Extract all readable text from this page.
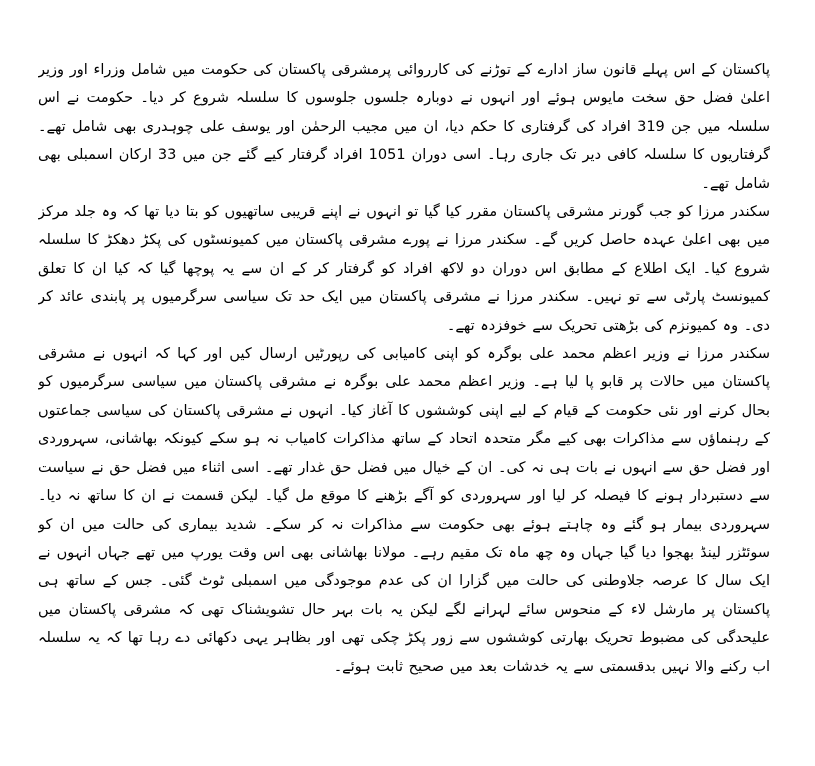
پاکستان کے اس پہلے قانون ساز ادارے کے توڑنے کی کارروائی پرمشرقی پاکستان کی حکومت میں شامل وزراء اور وزیر اعلیٰ فضل حق سخت مایوس ہوئے اور انہوں نے دوبارہ جلسوں جلوسوں کا سلسلہ شروع کر دیا۔ حکومت نے اس سلسلہ میں جن 319 افراد کی گرفتاری کا حکم دیا، ان میں مجیب الرحمٰن اور یوسف علی چوہدری بھی شامل تھے۔ گرفتاریوں کا سلسلہ کافی دیر تک جاری رہا۔ اسی دوران 1051 افراد گرفتار کیے گئے جن میں 33 ارکان اسمبلی بھی شامل تھے۔

سکندر مرزا کو جب گورنر مشرقی پاکستان مقرر کیا گیا تو انہوں نے اپنے قریبی ساتھیوں کو بتا دیا تھا کہ وہ جلد مرکز میں بھی اعلیٰ عہدہ حاصل کریں گے۔ سکندر مرزا نے پورے مشرقی پاکستان میں کمیونسٹوں کی پکڑ دھکڑ کا سلسلہ شروع کیا۔ ایک اطلاع کے مطابق اس دوران دو لاکھ افراد کو گرفتار کر کے ان سے یہ پوچھا گیا کہ کیا ان کا تعلق کمیونسٹ پارٹی سے تو نہیں۔ سکندر مرزا نے مشرقی پاکستان میں ایک حد تک سیاسی سرگرمیوں پر پابندی عائد کر دی۔ وہ کمیونزم کی بڑھتی تحریک سے خوفزدہ تھے۔

سکندر مرزا نے وزیر اعظم محمد علی بوگرہ کو اپنی کامیابی کی رپورٹیں ارسال کیں اور کہا کہ انہوں نے مشرقی پاکستان میں حالات پر قابو پا لیا ہے۔ وزیر اعظم محمد علی بوگرہ نے مشرقی پاکستان میں سیاسی سرگرمیوں کو بحال کرنے اور نئی حکومت کے قیام کے لیے اپنی کوششوں کا آغاز کیا۔ انہوں نے مشرقی پاکستان کی سیاسی جماعتوں کے رہنماؤں سے مذاکرات بھی کیے مگر متحدہ اتحاد کے ساتھ مذاکرات کامیاب نہ ہو سکے کیونکہ بھاشانی، سہروردی اور فضل حق سے انہوں نے بات ہی نہ کی۔ ان کے خیال میں فضل حق غدار تھے۔ اسی اثناء میں فضل حق نے سیاست سے دستبردار ہونے کا فیصلہ کر لیا اور سہروردی کو آگے بڑھنے کا موقع مل گیا۔ لیکن قسمت نے ان کا ساتھ نہ دیا۔ سہروردی بیمار ہو گئے وہ چاہتے ہوئے بھی حکومت سے مذاکرات نہ کر سکے۔ شدید بیماری کی حالت میں ان کو سوئٹزر لینڈ بھجوا دیا گیا جہاں وہ چھ ماہ تک مقیم رہے۔ مولانا بھاشانی بھی اس وقت یورپ میں تھے جہاں انہوں نے ایک سال کا عرصہ جلاوطنی کی حالت میں گزارا ان کی عدم موجودگی میں اسمبلی ٹوٹ گئی۔ جس کے ساتھ ہی پاکستان پر مارشل لاء کے منحوس سائے لہرانے لگے لیکن یہ بات بہر حال تشویشناک تھی کہ مشرقی پاکستان میں علیحدگی کی مضبوط تحریک بھارتی کوششوں سے زور پکڑ چکی تھی اور بظاہر یہی دکھائی دے رہا تھا کہ یہ سلسلہ اب رکنے والا نہیں بدقسمتی سے یہ خدشات بعد میں صحیح ثابت ہوئے۔
